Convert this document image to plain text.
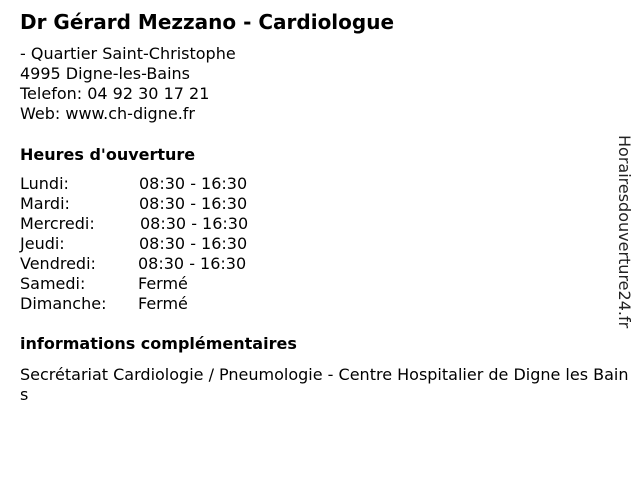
Dr Gérard Mezzano - Cardiologue
- Quartier Saint-Christophe
4995 Digne-les-Bains
Telefon: 04 92 30 17 21
Web: www.ch-digne.fr
Heures d'ouverture
Lundi:	08:30 - 16:30
Mardi:	08:30 - 16:30
Mercredi:	08:30 - 16:30
Jeudi:	08:30 - 16:30
Vendredi:	08:30 - 16:30
Samedi:	Fermé
Dimanche: Fermé
informations complémentaires
Secrétariat Cardiologie / Pneumologie - Centre Hospitalier de Digne les Bains
Horairesdouverture24.fr
